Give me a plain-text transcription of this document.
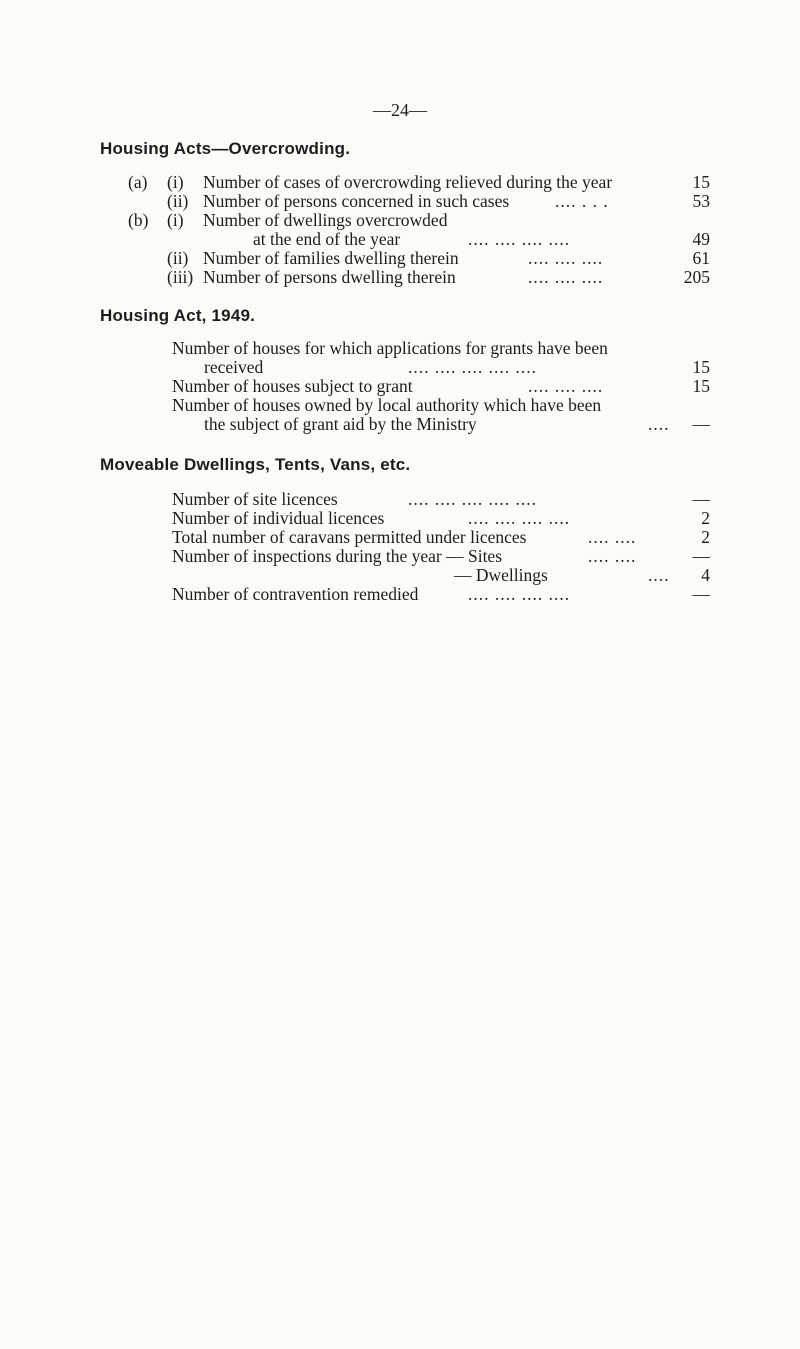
—24—
Housing Acts—Overcrowding.
(a) (i) Number of cases of overcrowding relieved during the year	15
(ii) Number of persons concerned in such cases	.... . . .	53
(b) (i) Number of dwellings overcrowded
at the end of the year	.... .... .... ....	49
(ii) Number of families dwelling therein	.... .... ....	61
(iii) Number of persons dwelling therein	.... .... ....	205
Housing Act, 1949.
Number of houses for which applications for grants have been
received	.... .... .... .... ....	15
Number of houses subject to grant	.... .... ....	15
Number of houses owned by local authority which have been
the subject of grant aid by the Ministry	....	—
Moveable Dwellings, Tents, Vans, etc.
Number of site licences	.... .... .... .... ....	—
Number of individual licences	.... .... .... ....	2
Total number of caravans permitted under licences	.... ....	2
Number of inspections during the year — Sites	.... ....	—
— Dwellings	....	4
Number of contravention remedied	.... .... .... ....	—
